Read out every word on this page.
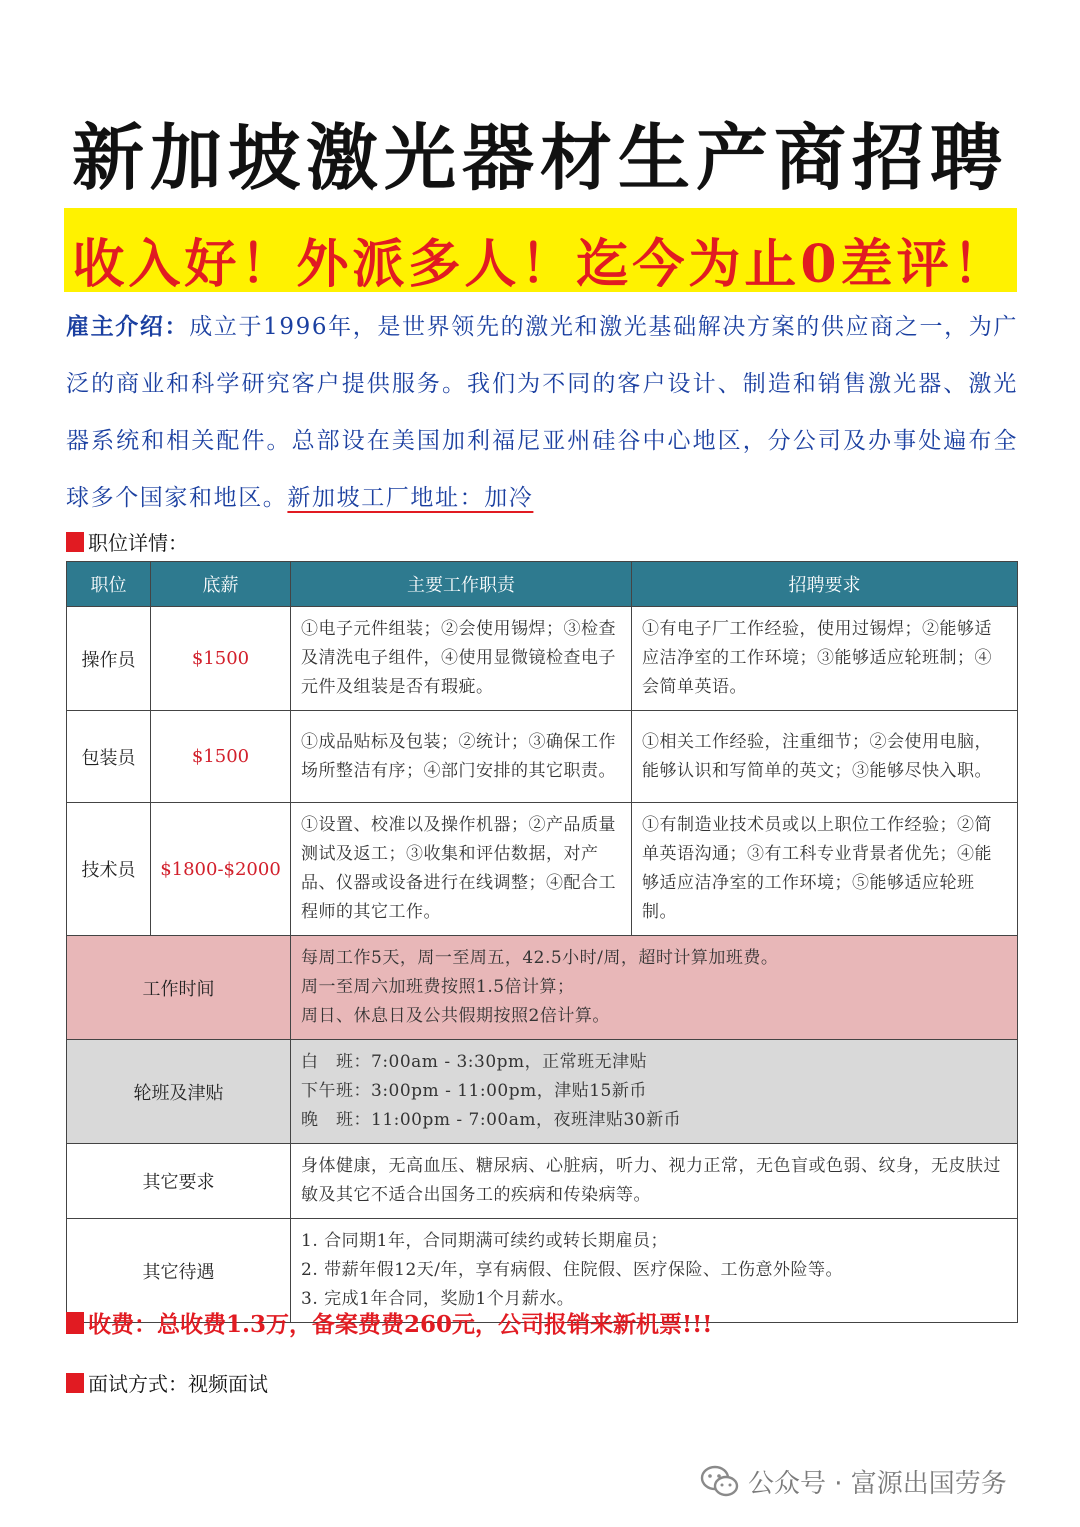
新加坡激光器材生产商招聘
收入好！外派多人！迄今为止0差评！
雇主介绍：成立于1996年，是世界领先的激光和激光基础解决方案的供应商之一，为广泛的商业和科学研究客户提供服务。我们为不同的客户设计、制造和销售激光器、激光器系统和相关配件。总部设在美国加利福尼亚州硅谷中心地区，分公司及办事处遍布全球多个国家和地区。新加坡工厂地址：加冷
职位详情：
职位	底薪	主要工作职责	招聘要求
操作员	$1500	①电子元件组装；②会使用锡焊；③检查及清洗电子组件，④使用显微镜检查电子元件及组装是否有瑕疵。	①有电子厂工作经验，使用过锡焊；②能够适应洁净室的工作环境；③能够适应轮班制；④会简单英语。
包装员	$1500	①成品贴标及包装；②统计；③确保工作场所整洁有序；④部门安排的其它职责。	①相关工作经验，注重细节；②会使用电脑，能够认识和写简单的英文；③能够尽快入职。
技术员	$1800-$2000	①设置、校准以及操作机器；②产品质量测试及返工；③收集和评估数据，对产品、仪器或设备进行在线调整；④配合工程师的其它工作。	①有制造业技术员或以上职位工作经验；②简单英语沟通；③有工科专业背景者优先；④能够适应洁净室的工作环境；⑤能够适应轮班制。
工作时间		每周工作5天，周一至周五，42.5小时/周，超时计算加班费。
周一至周六加班费按照1.5倍计算；
周日、休息日及公共假期按照2倍计算。	

轮班及津贴		白　班：7:00am - 3:30pm，正常班无津贴
下午班：3:00pm - 11:00pm，津贴15新币
晚　班：11:00pm - 7:00am，夜班津贴30新币	

其它要求		身体健康，无高血压、糖尿病、心脏病，听力、视力正常，无色盲或色弱、纹身，无皮肤过敏及其它不适合出国务工的疾病和传染病等。	
其它待遇		1. 合同期1年，合同期满可续约或转长期雇员；
2. 带薪年假12天/年，享有病假、住院假、医疗保险、工伤意外险等。
3. 完成1年合同，奖励1个月薪水。	
收费：总收费1.3万，备案费费260元，公司报销来新机票!!!
面试方式：视频面试
公众号 · 富源出国劳务
